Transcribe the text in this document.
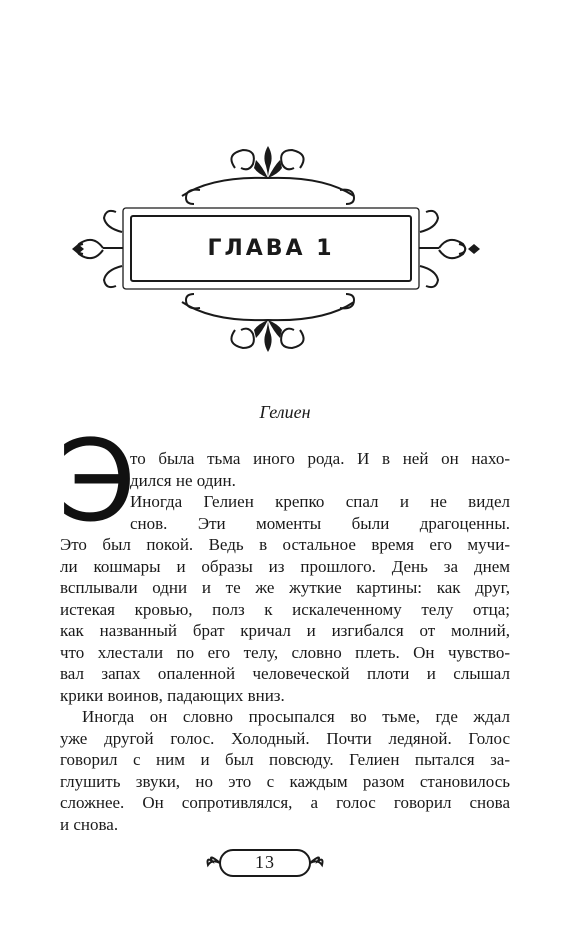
ГЛАВА 1
Гелиен
Э
то была тьма иного рода. И в ней он нахо-
дился не один.
Иногда Гелиен крепко спал и не видел
снов. Эти моменты были драгоценны.
Это был покой. Ведь в остальное время его мучи-
ли кошмары и образы из прошлого. День за днем
всплывали одни и те же жуткие картины: как друг,
истекая кровью, полз к искалеченному телу отца;
как названный брат кричал и изгибался от молний,
что хлестали по его телу, словно плеть. Он чувство-
вал запах опаленной человеческой плоти и слышал
крики воинов, падающих вниз.
Иногда он словно просыпался во тьме, где ждал
уже другой голос. Холодный. Почти ледяной. Голос
говорил с ним и был повсюду. Гелиен пытался за-
глушить звуки, но это с каждым разом становилось
сложнее. Он сопротивлялся, а голос говорил снова
и снова.
13
